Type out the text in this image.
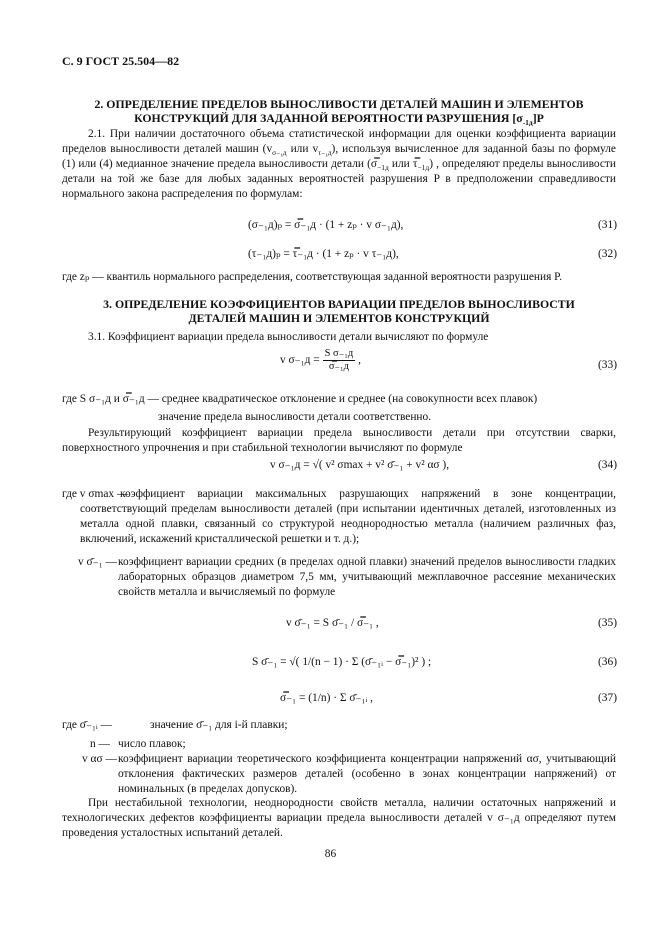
С. 9 ГОСТ 25.504—82
2. ОПРЕДЕЛЕНИЕ ПРЕДЕЛОВ ВЫНОСЛИВОСТИ ДЕТАЛЕЙ МАШИН И ЭЛЕМЕНТОВ
КОНСТРУКЦИЙ ДЛЯ ЗАДАННОЙ ВЕРОЯТНОСТИ РАЗРУШЕНИЯ $[\sigma_{-1д}]P$
2.1. При наличии достаточного объема статистической информации для оценки коэффициента вариации пределов выносливости деталей машин ($v_{\sigma_{-1}д}$ или $v_{\tau_{-1}д}$), используя вычисленное для заданной базы по формуле (1) или (4) медианное значение предела выносливости детали ($\sigma̿_{-1д}$ или $\tau̿_{-1д}$) , определяют пределы выносливости детали на той же базе для любых заданных вероятностей разрушения P в предположении справедливости нормального закона распределения по формулам:
(σ₋₁д)ₚ = σ̿₋₁д · (1 + zₚ · v σ₋₁д),	(31)
(τ₋₁д)ₚ = τ̿₋₁д · (1 + zₚ · v τ₋₁д),	(32)
где zₚ — квантиль нормального распределения, соответствующая заданной вероятности разрушения P.
3. ОПРЕДЕЛЕНИЕ КОЭФФИЦИЕНТОВ ВАРИАЦИИ ПРЕДЕЛОВ ВЫНОСЛИВОСТИ
ДЕТАЛЕЙ МАШИН И ЭЛЕМЕНТОВ КОНСТРУКЦИЙ
3.1. Коэффициент вариации предела выносливости детали вычисляют по формуле
v σ₋₁д =
S σ₋₁д
σ̿₋₁д
,	(33)
где S σ₋₁д и σ̿₋₁д — среднее квадратическое отклонение и среднее (на совокупности всех плавок)
значение предела выносливости детали соответственно.
Результирующий коэффициент вариации предела выносливости детали при отсутствии сварки, поверхностного упрочнения и при стабильной технологии вычисляют по формуле
v σ₋₁д = √( v² σmax + v² σ̄₋₁ + v² ασ ),	(34)
где v σmax —
коэффициент вариации максимальных разрушающих напряжений в зоне концентрации, соответствующий пределам выносливости деталей (при испытании идентичных деталей, изготовленных из металла одной плавки, связанный со структурой неоднородностью металла (наличием различных фаз, включений, искажений кристаллической решетки и т. д.);
v σ̄₋₁ — коэффициент вариации средних (в пределах одной плавки) значений пределов выносливости гладких лабораторных образцов диаметром 7,5 мм, учитывающий межплавочное рассеяние механических свойств металла и вычисляемый по формуле
v σ̄₋₁ = S σ̄₋₁ / σ̿₋₁ ,	(35)
S σ̄₋₁ = √( 1/(n − 1) · Σ (σ̄₋₁ᵢ − σ̿₋₁)² ) ;	(36)
σ̿₋₁ = (1/n) · Σ σ̄₋₁ᵢ ,	(37)
где σ̄₋₁ᵢ —	значение σ̄₋₁ для i-й плавки;
n — число плавок;
v ασ — коэффициент вариации теоретического коэффициента концентрации напряжений ασ, учитывающий отклонения фактических размеров деталей (особенно в зонах концентрации напряжений) от номинальных (в пределах допусков).
При нестабильной технологии, неоднородности свойств металла, наличии остаточных напряжений и технологических дефектов коэффициенты вариации предела выносливости деталей v σ₋₁д определяют путем проведения усталостных испытаний деталей.
86
